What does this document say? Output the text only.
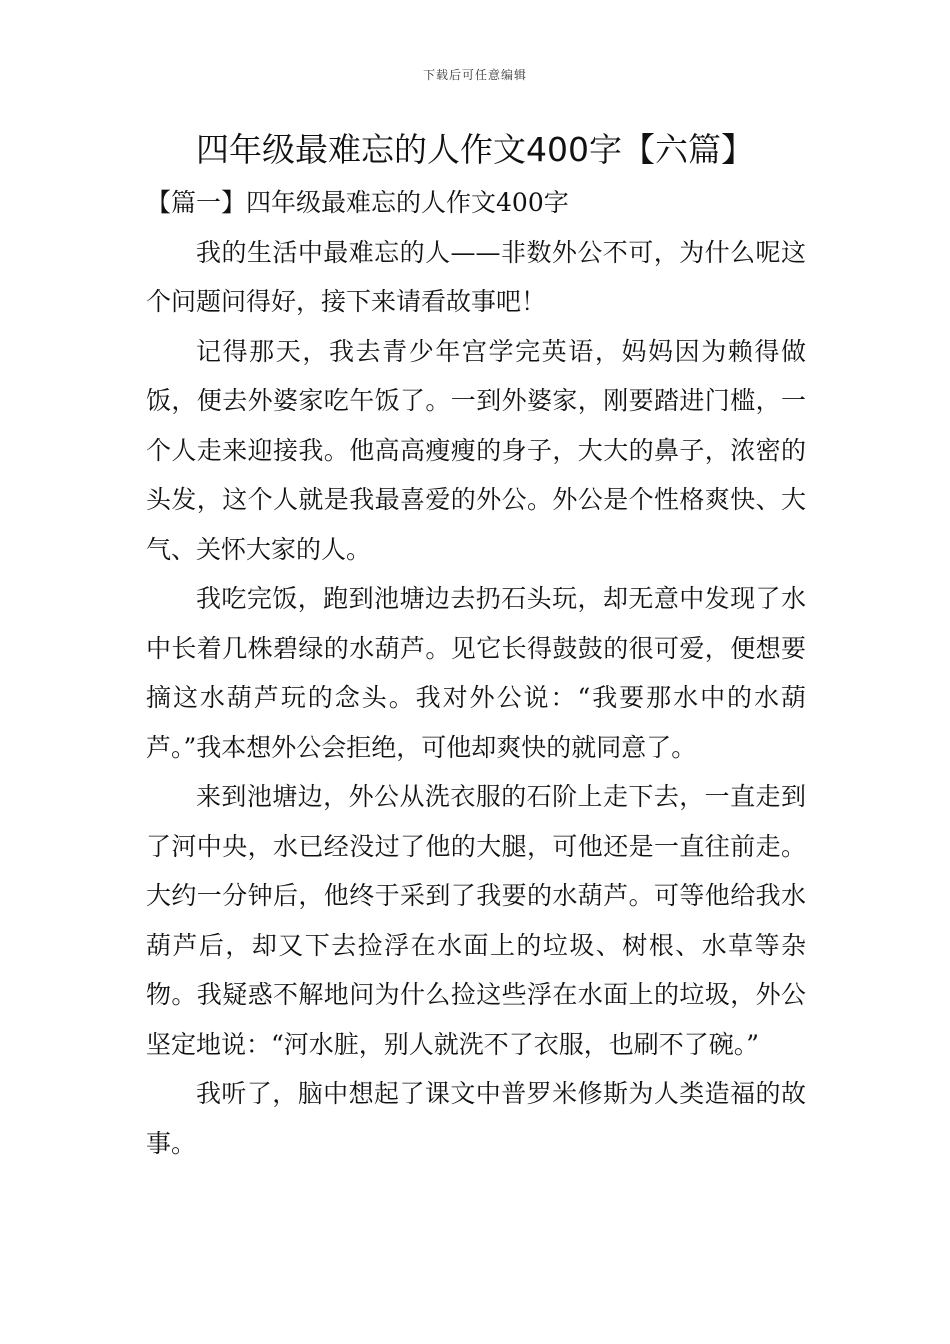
下载后可任意编辑
四年级最难忘的人作文400字【六篇】
【篇一】四年级最难忘的人作文400字

我的生活中最难忘的人——非数外公不可，为什么呢这个问题问得好，接下来请看故事吧！

记得那天，我去青少年宫学完英语，妈妈因为赖得做饭，便去外婆家吃午饭了。一到外婆家，刚要踏进门槛，一个人走来迎接我。他高高瘦瘦的身子，大大的鼻子，浓密的头发，这个人就是我最喜爱的外公。外公是个性格爽快、大气、关怀大家的人。

我吃完饭，跑到池塘边去扔石头玩，却无意中发现了水中长着几株碧绿的水葫芦。见它长得鼓鼓的很可爱，便想要摘这水葫芦玩的念头。我对外公说：“我要那水中的水葫芦。”我本想外公会拒绝，可他却爽快的就同意了。

来到池塘边，外公从洗衣服的石阶上走下去，一直走到了河中央，水已经没过了他的大腿，可他还是一直往前走。大约一分钟后，他终于采到了我要的水葫芦。可等他给我水葫芦后，却又下去捡浮在水面上的垃圾、树根、水草等杂物。我疑惑不解地问为什么捡这些浮在水面上的垃圾，外公坚定地说：“河水脏，别人就洗不了衣服，也刷不了碗。”

我听了，脑中想起了课文中普罗米修斯为人类造福的故事。
